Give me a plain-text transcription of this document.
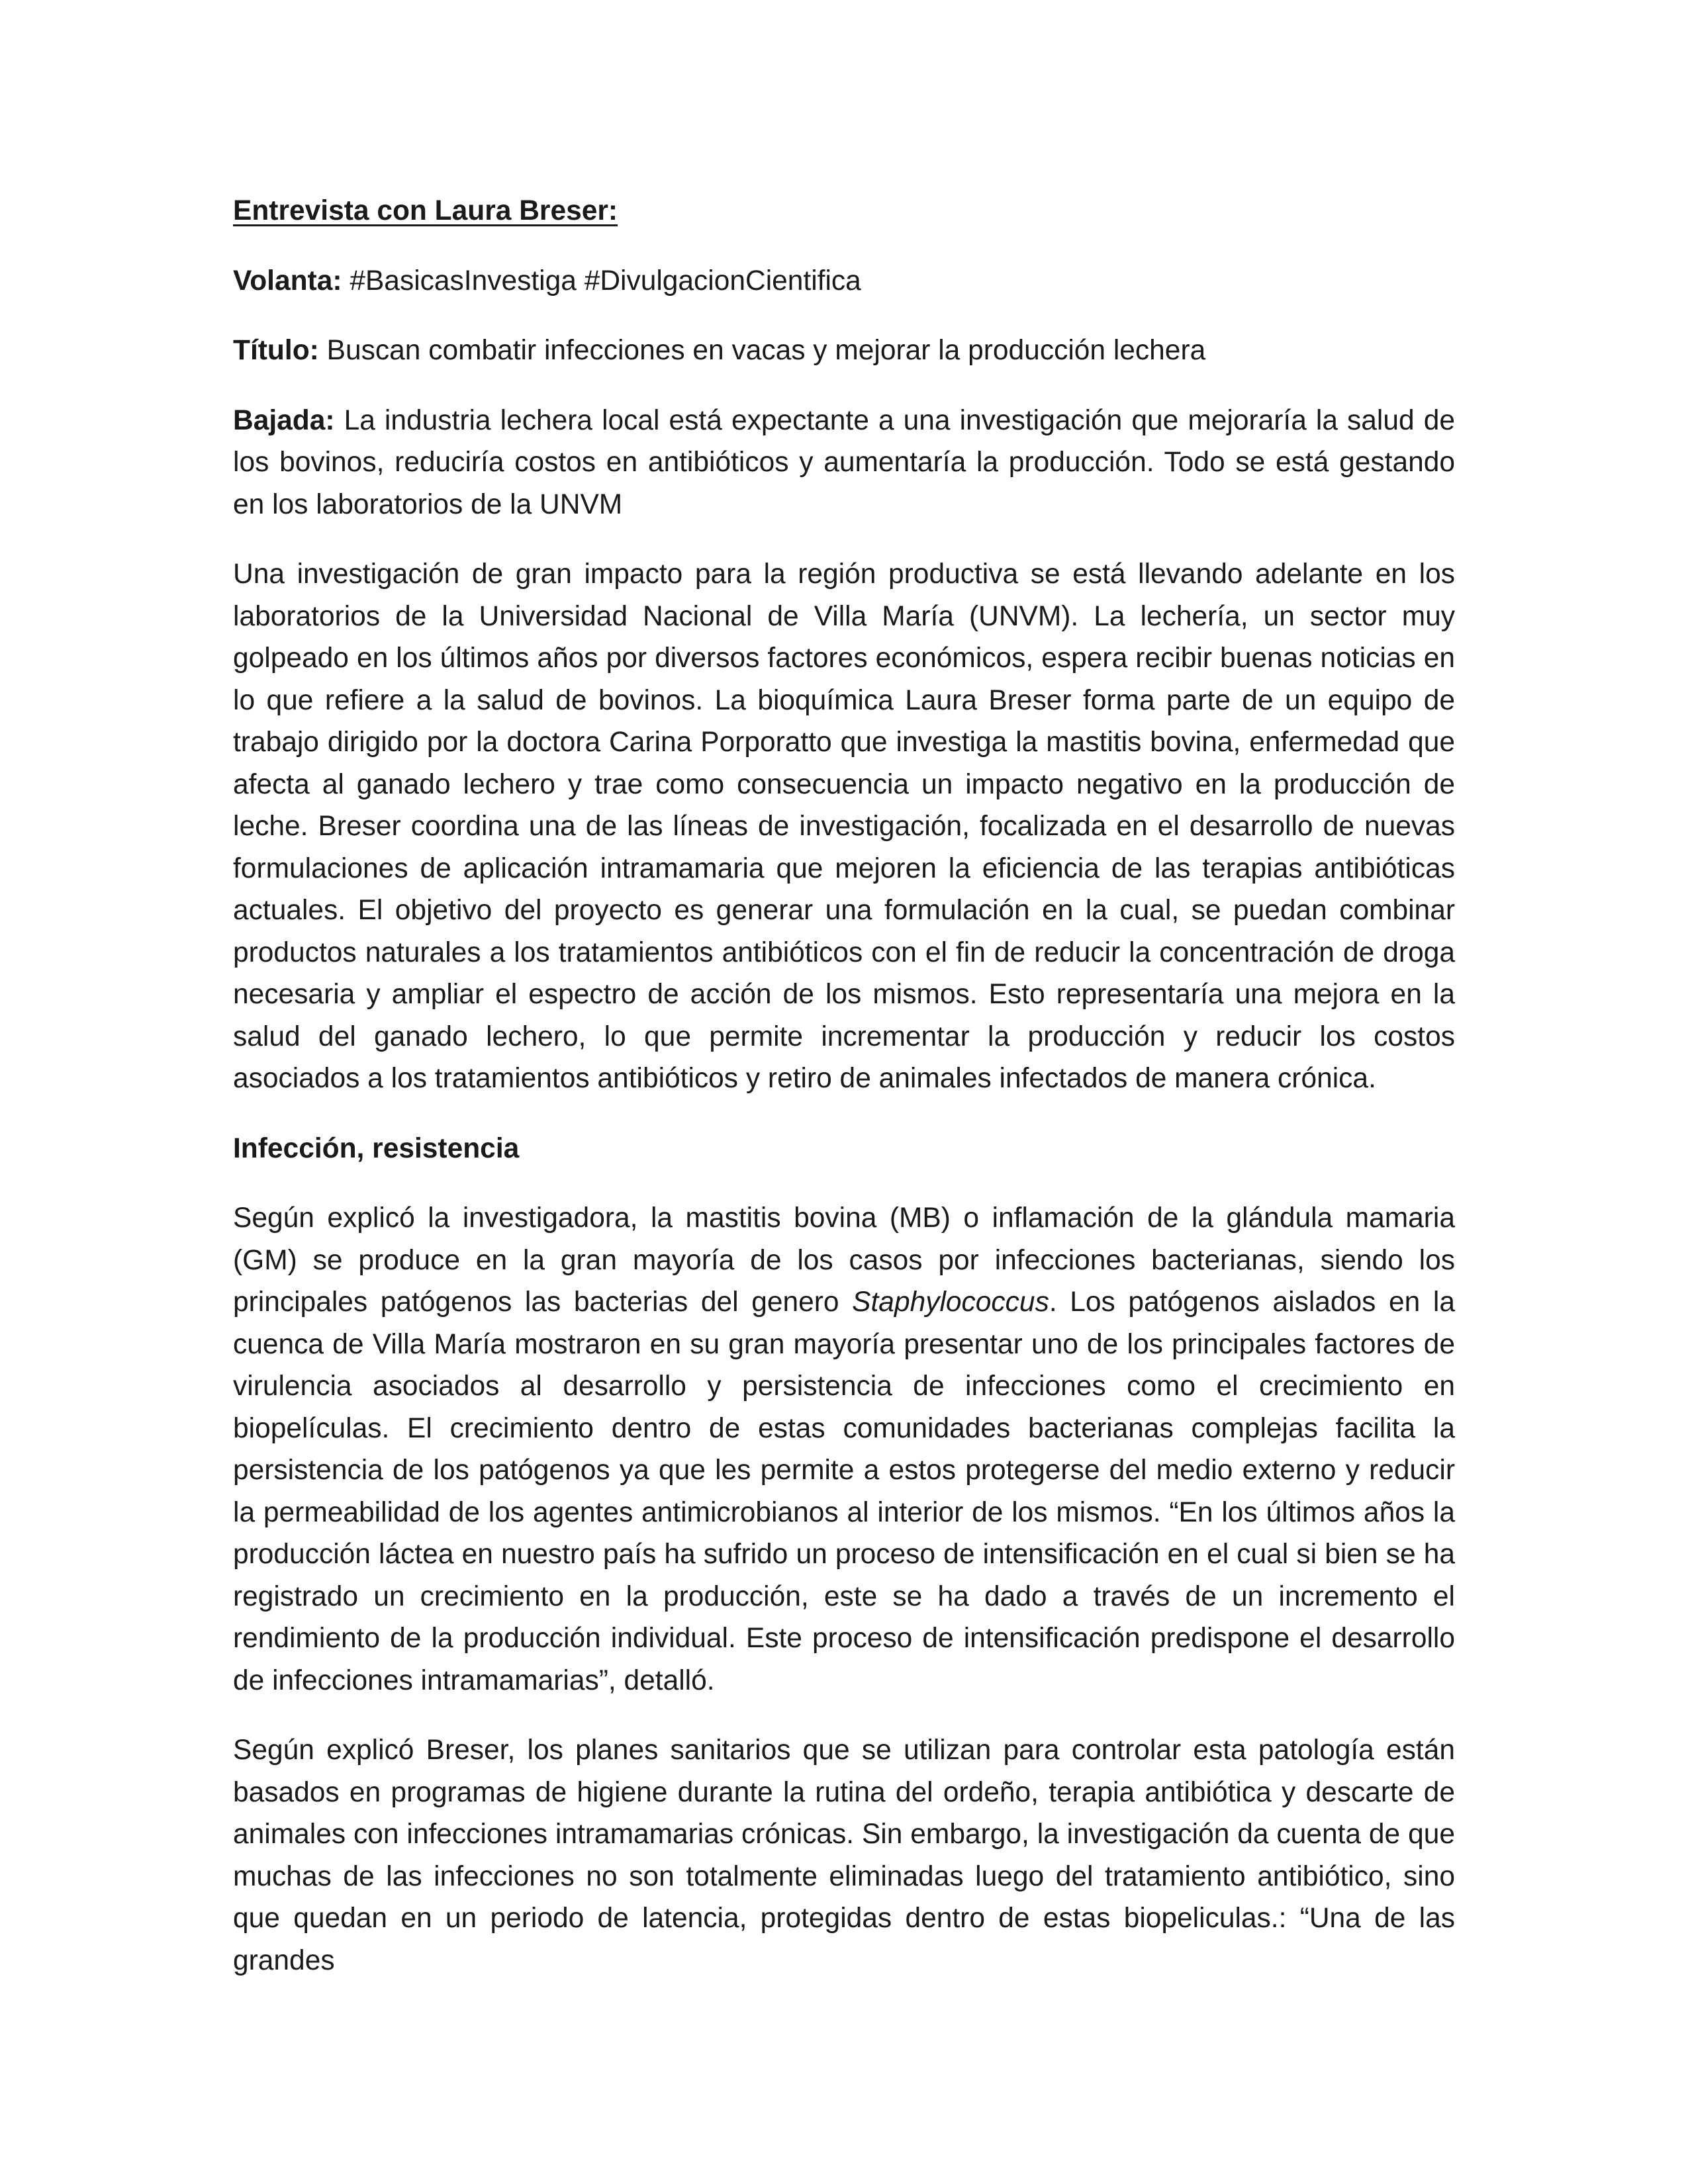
Entrevista con Laura Breser:

Volanta: #BasicasInvestiga #DivulgacionCientifica

Título: Buscan combatir infecciones en vacas y mejorar la producción lechera

Bajada: La industria lechera local está expectante a una investigación que mejoraría la salud de los bovinos, reduciría costos en antibióticos y aumentaría la producción. Todo se está gestando en los laboratorios de la UNVM

Una investigación de gran impacto para la región productiva se está llevando adelante en los laboratorios de la Universidad Nacional de Villa María (UNVM). La lechería, un sector muy golpeado en los últimos años por diversos factores económicos, espera recibir buenas noticias en lo que refiere a la salud de bovinos. La bioquímica Laura Breser forma parte de un equipo de trabajo dirigido por la doctora Carina Porporatto que investiga la mastitis bovina, enfermedad que afecta al ganado lechero y trae como consecuencia un impacto negativo en la producción de leche. Breser coordina una de las líneas de investigación, focalizada en el desarrollo de nuevas formulaciones de aplicación intramamaria que mejoren la eficiencia de las terapias antibióticas actuales. El objetivo del proyecto es generar una formulación en la cual, se puedan combinar productos naturales a los tratamientos antibióticos con el fin de reducir la concentración de droga necesaria y ampliar el espectro de acción de los mismos. Esto representaría una mejora en la salud del ganado lechero, lo que permite incrementar la producción y reducir los costos asociados a los tratamientos antibióticos y retiro de animales infectados de manera crónica.

Infección, resistencia

Según explicó la investigadora, la mastitis bovina (MB) o inflamación de la glándula mamaria (GM) se produce en la gran mayoría de los casos por infecciones bacterianas, siendo los principales patógenos las bacterias del genero Staphylococcus. Los patógenos aislados en la cuenca de Villa María mostraron en su gran mayoría presentar uno de los principales factores de virulencia asociados al desarrollo y persistencia de infecciones como el crecimiento en biopelículas. El crecimiento dentro de estas comunidades bacterianas complejas facilita la persistencia de los patógenos ya que les permite a estos protegerse del medio externo y reducir la permeabilidad de los agentes antimicrobianos al interior de los mismos. “En los últimos años la producción láctea en nuestro país ha sufrido un proceso de intensificación en el cual si bien se ha registrado un crecimiento en la producción, este se ha dado a través de un incremento el rendimiento de la producción individual. Este proceso de intensificación predispone el desarrollo de infecciones intramamarias”, detalló.

Según explicó Breser, los planes sanitarios que se utilizan para controlar esta patología están basados en programas de higiene durante la rutina del ordeño, terapia antibiótica y descarte de animales con infecciones intramamarias crónicas. Sin embargo, la investigación da cuenta de que muchas de las infecciones no son totalmente eliminadas luego del tratamiento antibiótico, sino que quedan en un periodo de latencia, protegidas dentro de estas biopeliculas.: “Una de las grandes
